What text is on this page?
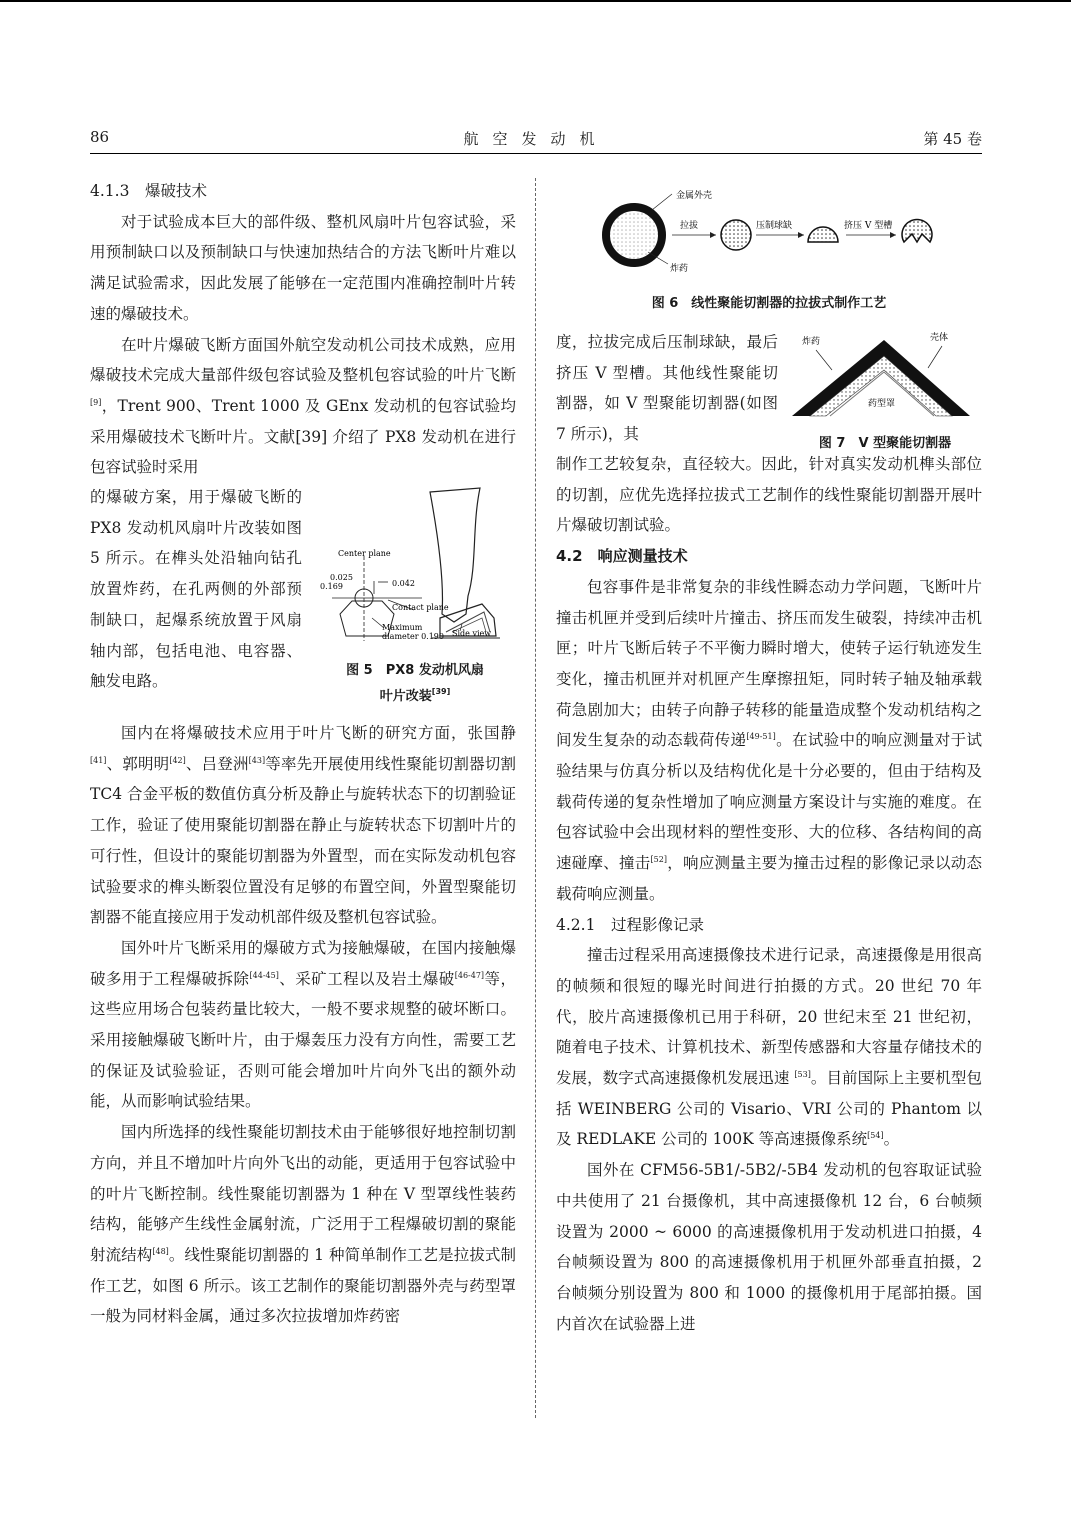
86	航空发动机	第 45 卷

4.1.3　爆破技术

对于试验成本巨大的部件级、整机风扇叶片包容试验，采用预制缺口以及预制缺口与快速加热结合的方法飞断叶片难以满足试验需求，因此发展了能够在一定范围内准确控制叶片转速的爆破技术。

在叶片爆破飞断方面国外航空发动机公司技术成熟，应用爆破技术完成大量部件级包容试验及整机包容试验的叶片飞断 [9]，Trent 900、Trent 1000 及 GEnx 发动机的包容试验均采用爆破技术飞断叶片。文献[39] 介绍了 PX8 发动机在进行包容试验时采用

的爆破方案，用于爆破飞断的 PX8 发动机风扇叶片改装如图 5 所示。在榫头处沿轴向钻孔放置炸药，在孔两侧的外部预制缺口，起爆系统放置于风扇轴内部，包括电池、电容器、触发电路。

Center plane
0.025
0.169	0.042
Contact plane
Maximum
diameter 0.190 Side view
图 5　PX8 发动机风扇
叶片改装[39]

国内在将爆破技术应用于叶片飞断的研究方面，张国静[41]、郭明明[42]、吕登洲[43]等率先开展使用线性聚能切割器切割 TC4 合金平板的数值仿真分析及静止与旋转状态下的切割验证工作，验证了使用聚能切割器在静止与旋转状态下切割叶片的可行性，但设计的聚能切割器为外置型，而在实际发动机包容试验要求的榫头断裂位置没有足够的布置空间，外置型聚能切割器不能直接应用于发动机部件级及整机包容试验。

国外叶片飞断采用的爆破方式为接触爆破，在国内接触爆破多用于工程爆破拆除[44-45]、采矿工程以及岩土爆破[46-47]等，这些应用场合包装药量比较大，一般不要求规整的破坏断口。采用接触爆破飞断叶片，由于爆轰压力没有方向性，需要工艺的保证及试验验证，否则可能会增加叶片向外飞出的额外动能，从而影响试验结果。

国内所选择的线性聚能切割技术由于能够很好地控制切割方向，并且不增加叶片向外飞出的动能，更适用于包容试验中的叶片飞断控制。线性聚能切割器为 1 种在 V 型罩线性装药结构，能够产生线性金属射流，广泛用于工程爆破切割的聚能射流结构[48]。线性聚能切割器的 1 种简单制作工艺是拉拔式制作工艺，如图 6 所示。该工艺制作的聚能切割器外壳与药型罩一般为同材料金属，通过多次拉拔增加炸药密

金属外壳
炸药
拉拔	压制球缺	挤压 V 型槽
图 6　线性聚能切割器的拉拔式制作工艺

度，拉拔完成后压制球缺，最后挤压 V 型槽。其他线性聚能切割器，如 V 型聚能切割器(如图 7 所示)，其

炸药	壳体
药型罩
图 7　V 型聚能切割器

制作工艺较复杂，直径较大。因此，针对真实发动机榫头部位的切割，应优先选择拉拔式工艺制作的线性聚能切割器开展叶片爆破切割试验。

4.2　响应测量技术

包容事件是非常复杂的非线性瞬态动力学问题，飞断叶片撞击机匣并受到后续叶片撞击、挤压而发生破裂，持续冲击机匣；叶片飞断后转子不平衡力瞬时增大，使转子运行轨迹发生变化，撞击机匣并对机匣产生摩擦扭矩，同时转子轴及轴承载荷急剧加大；由转子向静子转移的能量造成整个发动机结构之间发生复杂的动态载荷传递[49-51]。在试验中的响应测量对于试验结果与仿真分析以及结构优化是十分必要的，但由于结构及载荷传递的复杂性增加了响应测量方案设计与实施的难度。在包容试验中会出现材料的塑性变形、大的位移、各结构间的高速碰摩、撞击[52]，响应测量主要为撞击过程的影像记录以动态载荷响应测量。

4.2.1　过程影像记录

撞击过程采用高速摄像技术进行记录，高速摄像是用很高的帧频和很短的曝光时间进行拍摄的方式。20 世纪 70 年代，胶片高速摄像机已用于科研，20 世纪末至 21 世纪初，随着电子技术、计算机技术、新型传感器和大容量存储技术的发展，数字式高速摄像机发展迅速 [53]。目前国际上主要机型包括 WEINBERG 公司的 Visario、VRI 公司的 Phantom 以及 REDLAKE 公司的 100K 等高速摄像系统[54]。

国外在 CFM56-5B1/-5B2/-5B4 发动机的包容取证试验中共使用了 21 台摄像机，其中高速摄像机 12 台，6 台帧频设置为 2000 ~ 6000 的高速摄像机用于发动机进口拍摄，4 台帧频设置为 800 的高速摄像机用于机匣外部垂直拍摄，2 台帧频分别设置为 800 和 1000 的摄像机用于尾部拍摄。国内首次在试验器上进
